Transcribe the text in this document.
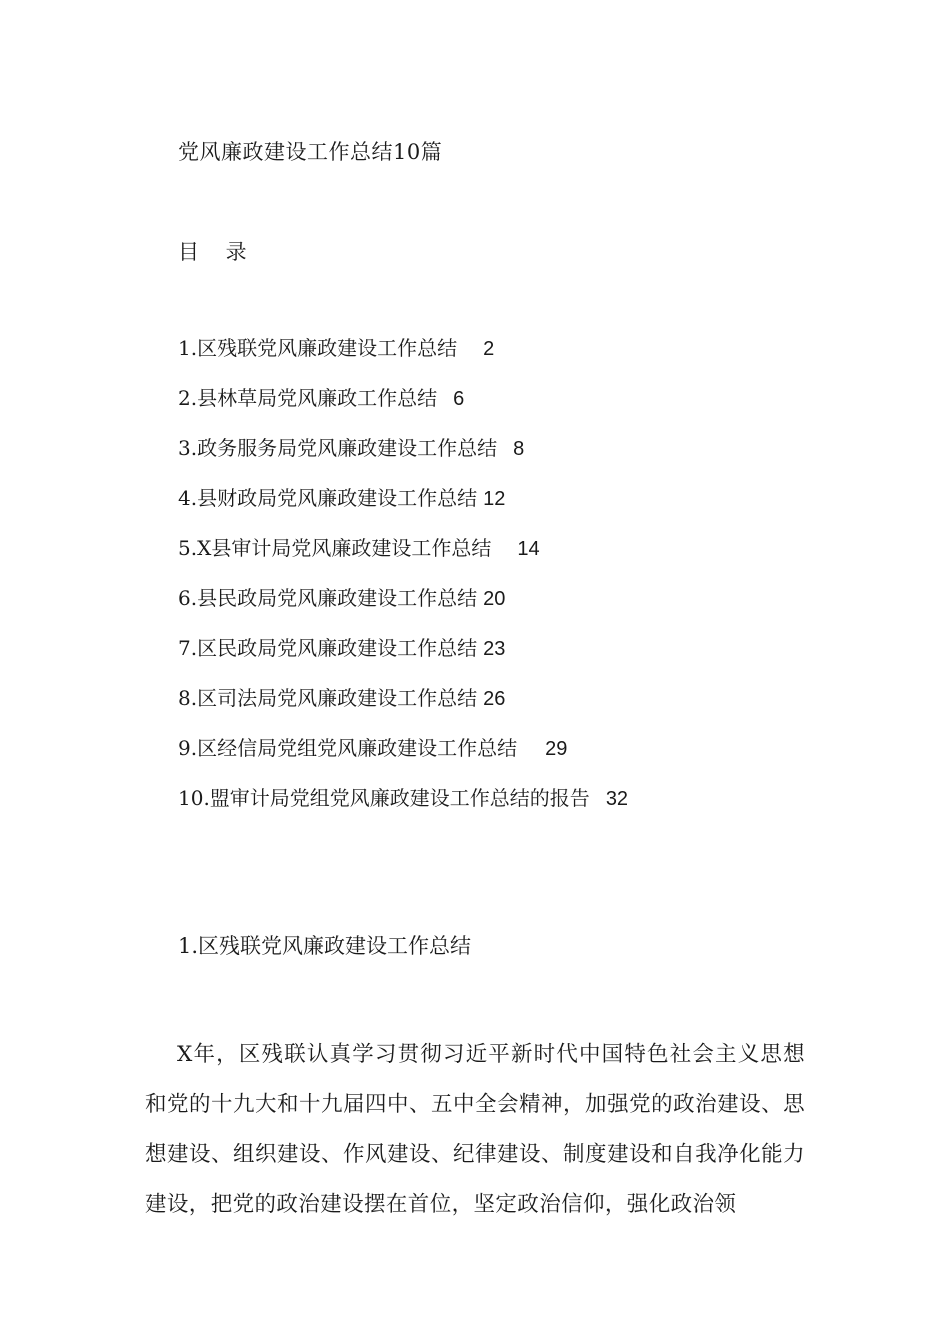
党风廉政建设工作总结10篇
目 录
1.区残联党风廉政建设工作总结 2
2.县林草局党风廉政工作总结 6
3.政务服务局党风廉政建设工作总结 8
4.县财政局党风廉政建设工作总结 12
5.X县审计局党风廉政建设工作总结 14
6.县民政局党风廉政建设工作总结 20
7.区民政局党风廉政建设工作总结 23
8.区司法局党风廉政建设工作总结 26
9.区经信局党组党风廉政建设工作总结 29
10.盟审计局党组党风廉政建设工作总结的报告 32
1.区残联党风廉政建设工作总结

X年，区残联认真学习贯彻习近平新时代中国特色社会主义思想和党的十九大和十九届四中、五中全会精神，加强党的政治建设、思想建设、组织建设、作风建设、纪律建设、制度建设和自我净化能力建设，把党的政治建设摆在首位，坚定政治信仰，强化政治领
